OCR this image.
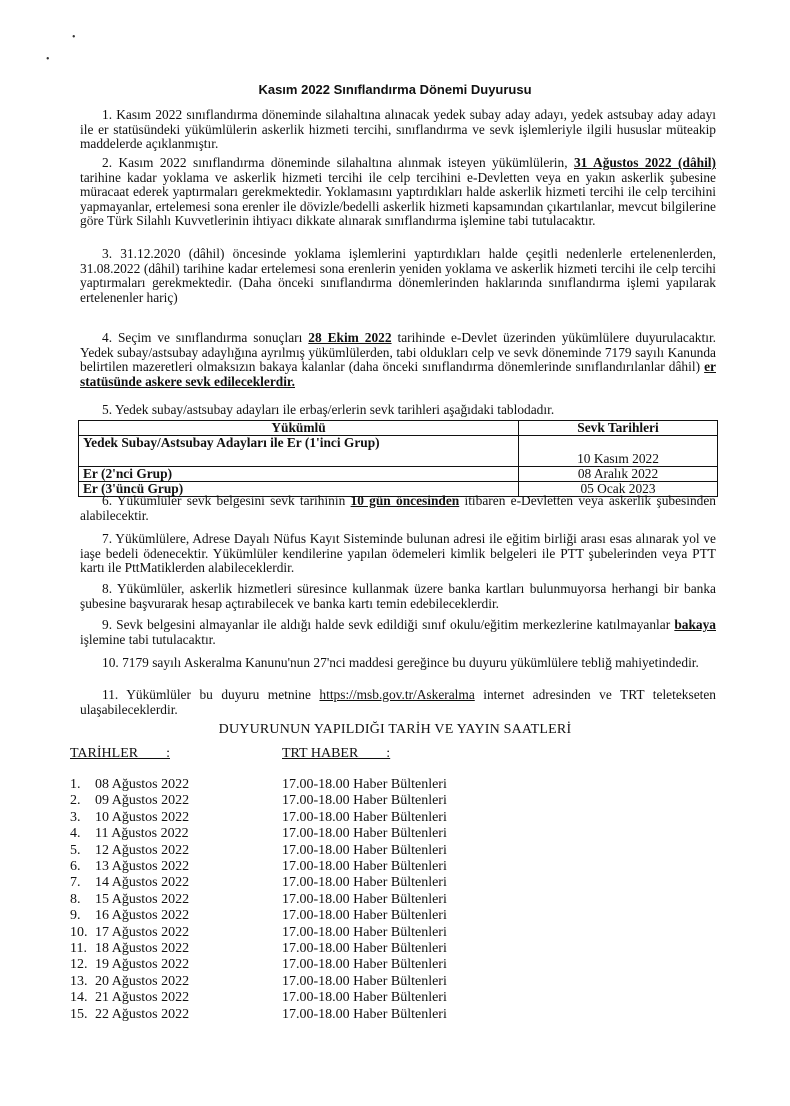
•
•
Kasım 2022 Sınıflandırma Dönemi Duyurusu
1. Kasım 2022 sınıflandırma döneminde silahaltına alınacak yedek subay aday adayı, yedek astsubay aday adayı ile er statüsündeki yükümlülerin askerlik hizmeti tercihi, sınıflandırma ve sevk işlemleriyle ilgili hususlar müteakip maddelerde açıklanmıştır.
2. Kasım 2022 sınıflandırma döneminde silahaltına alınmak isteyen yükümlülerin, 31 Ağustos 2022 (dâhil) tarihine kadar yoklama ve askerlik hizmeti tercihi ile celp tercihini e-Devletten veya en yakın askerlik şubesine müracaat ederek yaptırmaları gerekmektedir. Yoklamasını yaptırdıkları halde askerlik hizmeti tercihi ile celp tercihini yapmayanlar, ertelemesi sona erenler ile dövizle/bedelli askerlik hizmeti kapsamından çıkartılanlar, mevcut bilgilerine göre Türk Silahlı Kuvvetlerinin ihtiyacı dikkate alınarak sınıflandırma işlemine tabi tutulacaktır.
3. 31.12.2020 (dâhil) öncesinde yoklama işlemlerini yaptırdıkları halde çeşitli nedenlerle ertelenenlerden, 31.08.2022 (dâhil) tarihine kadar ertelemesi sona erenlerin yeniden yoklama ve askerlik hizmeti tercihi ile celp tercihi yaptırmaları gerekmektedir. (Daha önceki sınıflandırma dönemlerinden haklarında sınıflandırma işlemi yapılarak ertelenenler hariç)
4. Seçim ve sınıflandırma sonuçları 28 Ekim 2022 tarihinde e-Devlet üzerinden yükümlülere duyurulacaktır. Yedek subay/astsubay adaylığına ayrılmış yükümlülerden, tabi oldukları celp ve sevk döneminde 7179 sayılı Kanunda belirtilen mazeretleri olmaksızın bakaya kalanlar (daha önceki sınıflandırma dönemlerinde sınıflandırılanlar dâhil) er statüsünde askere sevk edileceklerdir.
5. Yedek subay/astsubay adayları ile erbaş/erlerin sevk tarihleri aşağıdaki tablodadır.
Yükümlü	Sevk Tarihleri
Yedek Subay/Astsubay Adayları ile Er (1'inci Grup)	10 Kasım 2022
Er (2'nci Grup)	08 Aralık 2022
Er (3'üncü Grup)	05 Ocak 2023
6. Yükümlüler sevk belgesini sevk tarihinin 10 gün öncesinden itibaren e-Devletten veya askerlik şubesinden alabilecektir.
7. Yükümlülere, Adrese Dayalı Nüfus Kayıt Sisteminde bulunan adresi ile eğitim birliği arası esas alınarak yol ve iaşe bedeli ödenecektir. Yükümlüler kendilerine yapılan ödemeleri kimlik belgeleri ile PTT şubelerinden veya PTT kartı ile PttMatiklerden alabileceklerdir.
8. Yükümlüler, askerlik hizmetleri süresince kullanmak üzere banka kartları bulunmuyorsa herhangi bir banka şubesine başvurarak hesap açtırabilecek ve banka kartı temin edebileceklerdir.
9. Sevk belgesini almayanlar ile aldığı halde sevk edildiği sınıf okulu/eğitim merkezlerine katılmayanlar bakaya işlemine tabi tutulacaktır.
10. 7179 sayılı Askeralma Kanunu'nun 27'nci maddesi gereğince bu duyuru yükümlülere tebliğ mahiyetindedir.
11. Yükümlüler bu duyuru metnine https://msb.gov.tr/Askeralma internet adresinden ve TRT teletekseten ulaşabileceklerdir.
DUYURUNUN YAPILDIĞI TARİH VE YAYIN SAATLERİ
TARİHLER        :	TRT HABER        :
1. 08 Ağustos 2022	17.00-18.00 Haber Bültenleri
2. 09 Ağustos 2022	17.00-18.00 Haber Bültenleri
3. 10 Ağustos 2022	17.00-18.00 Haber Bültenleri
4. 11 Ağustos 2022	17.00-18.00 Haber Bültenleri
5. 12 Ağustos 2022	17.00-18.00 Haber Bültenleri
6. 13 Ağustos 2022	17.00-18.00 Haber Bültenleri
7. 14 Ağustos 2022	17.00-18.00 Haber Bültenleri
8. 15 Ağustos 2022	17.00-18.00 Haber Bültenleri
9. 16 Ağustos 2022	17.00-18.00 Haber Bültenleri
10. 17 Ağustos 2022	17.00-18.00 Haber Bültenleri
11. 18 Ağustos 2022	17.00-18.00 Haber Bültenleri
12. 19 Ağustos 2022	17.00-18.00 Haber Bültenleri
13. 20 Ağustos 2022	17.00-18.00 Haber Bültenleri
14. 21 Ağustos 2022	17.00-18.00 Haber Bültenleri
15. 22 Ağustos 2022	17.00-18.00 Haber Bültenleri
